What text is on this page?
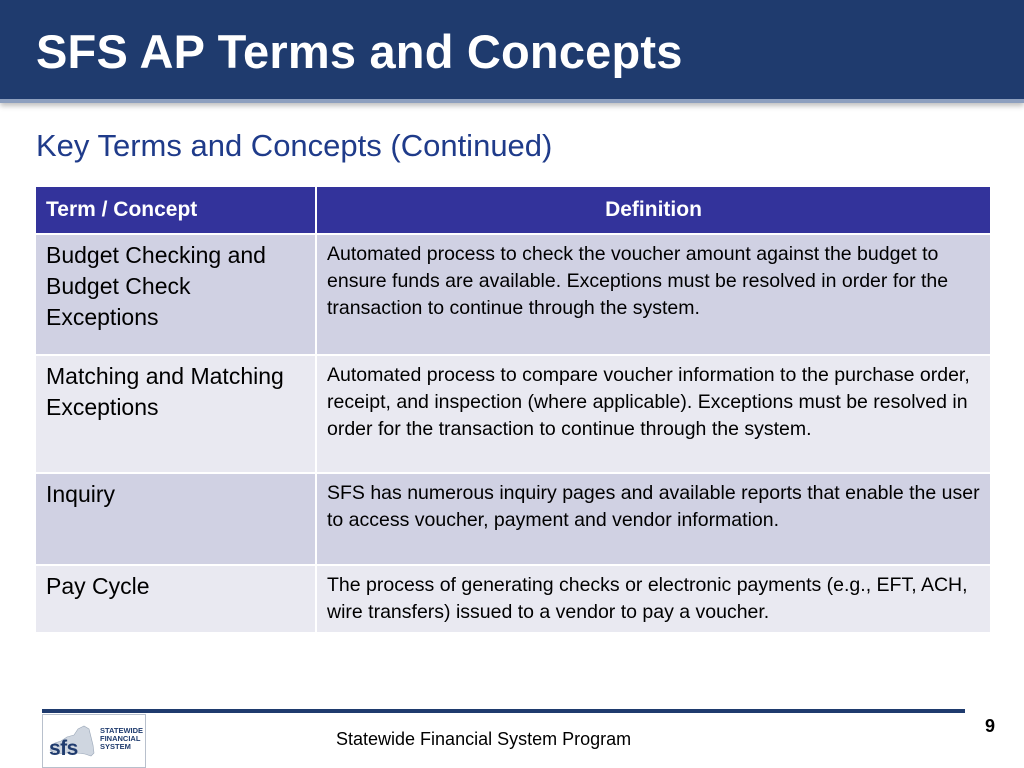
SFS AP Terms and Concepts
Key Terms and Concepts (Continued)
Term / Concept	Definition
Budget Checking and Budget Check Exceptions	Automated process to check the voucher amount against the budget to ensure funds are available. Exceptions must be resolved in order for the transaction to continue through the system.
Matching and Matching Exceptions	Automated process to compare voucher information to the purchase order, receipt, and inspection (where applicable). Exceptions must be resolved in order for the transaction to continue through the system.
Inquiry	SFS has numerous inquiry pages and available reports that enable the user to access voucher, payment and vendor information.
Pay Cycle	The process of generating checks or electronic payments (e.g., EFT, ACH, wire transfers) issued to a vendor to pay a voucher.
sfs
STATEWIDE
FINANCIAL
SYSTEM	Statewide Financial System Program
9
